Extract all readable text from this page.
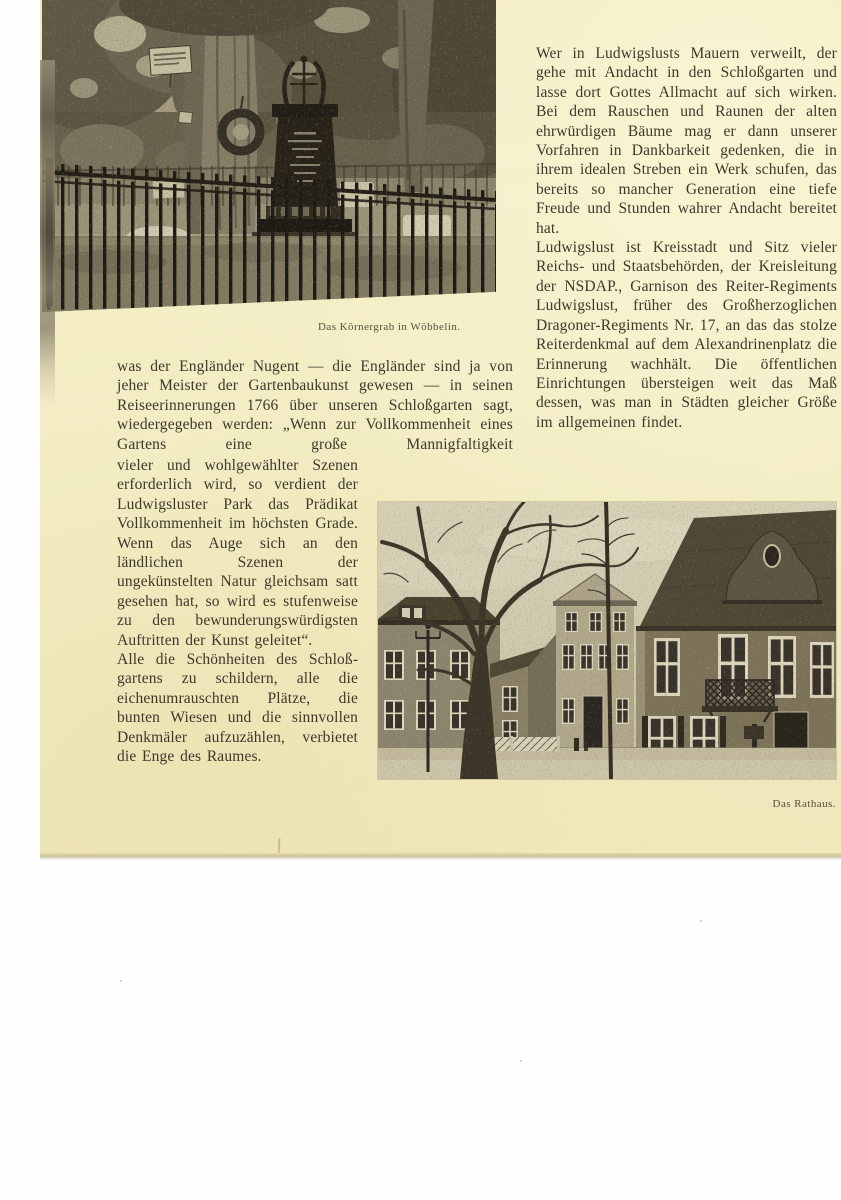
Das Körnergrab in Wöbbelin.

Wer in Ludwigslusts Mauern verweilt, der gehe mit Andacht in den Schloßgarten und lasse dort Gottes Allmacht auf sich wirken. Bei dem Rauschen und Raunen der alten ehrwürdigen Bäume mag er dann unserer Vorfahren in Dankbarkeit gedenken, die in ihrem idealen Streben ein Werk schufen, das bereits so mancher Generation eine tiefe Freude und Stunden wahrer Andacht bereitet hat.

Ludwigslust ist Kreisstadt und Sitz vieler Reichs- und Staatsbehörden, der Kreisleitung der NSDAP., Garnison des Reiter-Regiments Ludwigslust, früher des Großherzoglichen Dragoner-Regiments Nr. 17, an das das stolze Reiterdenkmal auf dem Alexandrinenplatz die Erinnerung wachhält. Die öffentlichen Einrichtungen übersteigen weit das Maß dessen, was man in Städten gleicher Größe im allgemeinen findet.

was der Engländer Nugent — die Engländer sind ja von jeher Meister der Gartenbaukunst gewesen — in seinen Reiseerinnerungen 1766 über unseren Schloßgarten sagt, wiedergegeben werden: „Wenn zur Vollkommenheit eines Gartens eine große Mannigfaltigkeit

vieler und wohlgewählter Szenen erforderlich wird, so verdient der Ludwigsluster Park das Prädikat Vollkommenheit im höchsten Grade. Wenn das Auge sich an den ländlichen Szenen der ungekünstelten Natur gleichsam satt gesehen hat, so wird es stufenweise zu den bewunderungswürdigsten Auftritten der Kunst geleitet“.

Alle die Schönheiten des Schloßgartens zu schildern, alle die eichenumrauschten Plätze, die bunten Wiesen und die sinnvollen Denkmäler aufzuzählen, verbietet die Enge des Raumes.

Das Rathaus.
